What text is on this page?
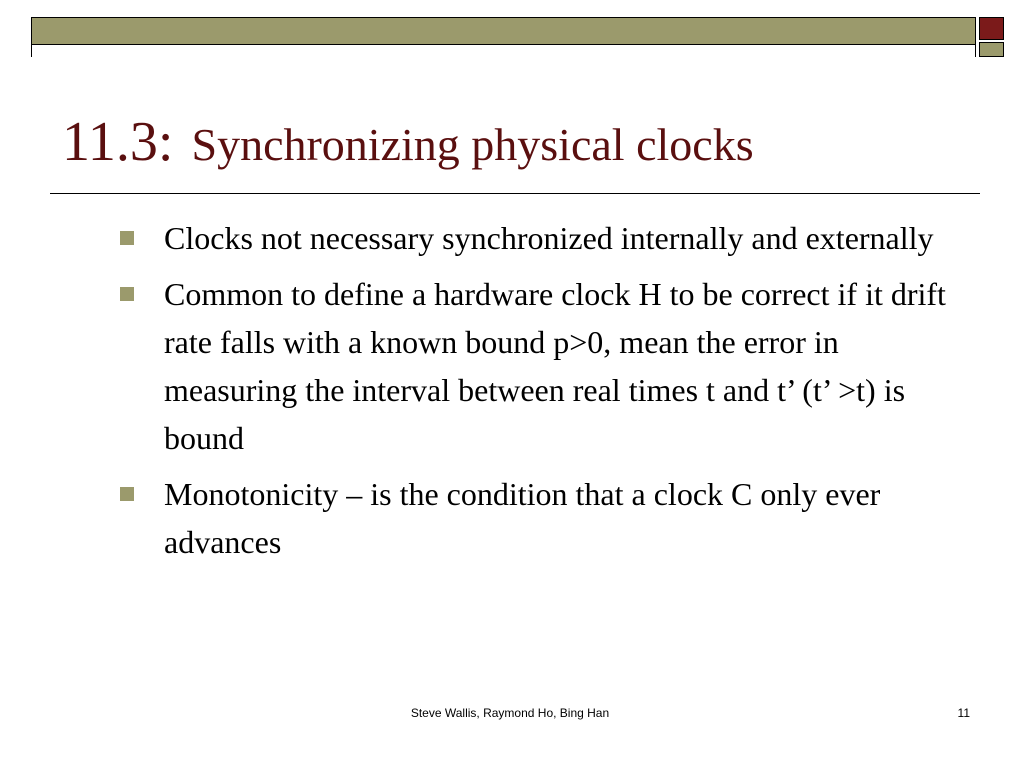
11.3: Synchronizing physical clocks
Clocks not necessary synchronized internally and externally
Common to define a hardware clock H to be correct if it drift rate falls with a known bound p>0, mean the error in measuring the interval between real times t and t’ (t’ >t) is bound
Monotonicity – is the condition that a clock C only ever advances
Steve Wallis, Raymond Ho, Bing Han	11
